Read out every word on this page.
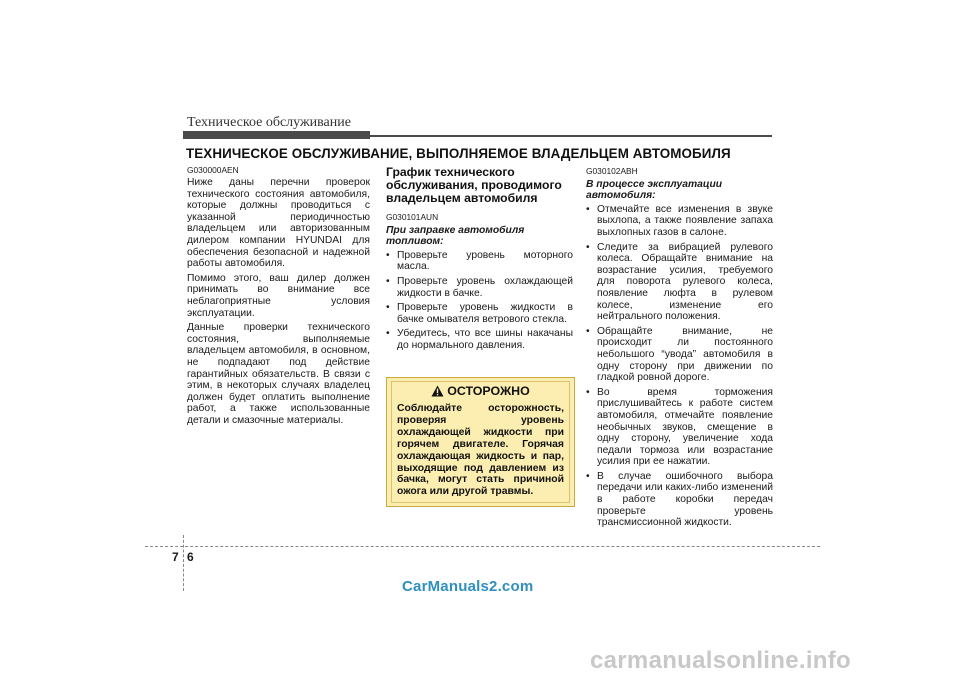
Техническое обслуживание
ТЕХНИЧЕСКОЕ ОБСЛУЖИВАНИЕ, ВЫПОЛНЯЕМОЕ ВЛАДЕЛЬЦЕМ АВТОМОБИЛЯ
G030000AEN

Ниже даны перечни проверок технического состояния автомобиля, которые должны проводиться с указанной периодичностью владельцем или авторизованным дилером компании HYUNDAI для обеспечения безопасной и надежной работы автомобиля.

Помимо этого, ваш дилер должен принимать во внимание все неблагоприятные условия эксплуатации.

Данные проверки технического состояния, выполняемые владельцем автомобиля, в основном, не подпадают под действие гарантийных обязательств. В связи с этим, в некоторых случаях владелец должен будет оплатить выполнение работ, а также использованные детали и смазочные материалы.

График технического обслуживания, проводимого владельцем автомобиля
G030101AUN
При заправке автомобиля топливом:
• Проверьте уровень моторного масла.
• Проверьте уровень охлаждающей жидкости в бачке.
• Проверьте уровень жидкости в бачке омывателя ветрового стекла.
• Убедитесь, что все шины накачаны до нормального давления.
ОСТОРОЖНО
Соблюдайте осторожность, проверяя уровень охлаждающей жидкости при горячем двигателе. Горячая охлаждающая жидкость и пар, выходящие под давлением из бачка, могут стать причиной ожога или другой травмы.
G030102ABH
В процессе эксплуатации автомобиля:
• Отмечайте все изменения в звуке выхлопа, а также появление запаха выхлопных газов в салоне.
• Следите за вибрацией рулевого колеса. Обращайте внимание на возрастание усилия, требуемого для поворота рулевого колеса, появление люфта в рулевом колесе, изменение его нейтрального положения.
• Обращайте внимание, не происходит ли постоянного небольшого “увода” автомобиля в одну сторону при движении по гладкой ровной дороге.
• Во время торможения прислушивайтесь к работе систем автомобиля, отмечайте появление необычных звуков, смещение в одну сторону, увеличение хода педали тормоза или возрастание усилия при ее нажатии.
• В случае ошибочного выбора передачи или каких-либо изменений в работе коробки передач проверьте уровень трансмиссионной жидкости.
7 6
CarManuals2.com
carmanualsonline.info
